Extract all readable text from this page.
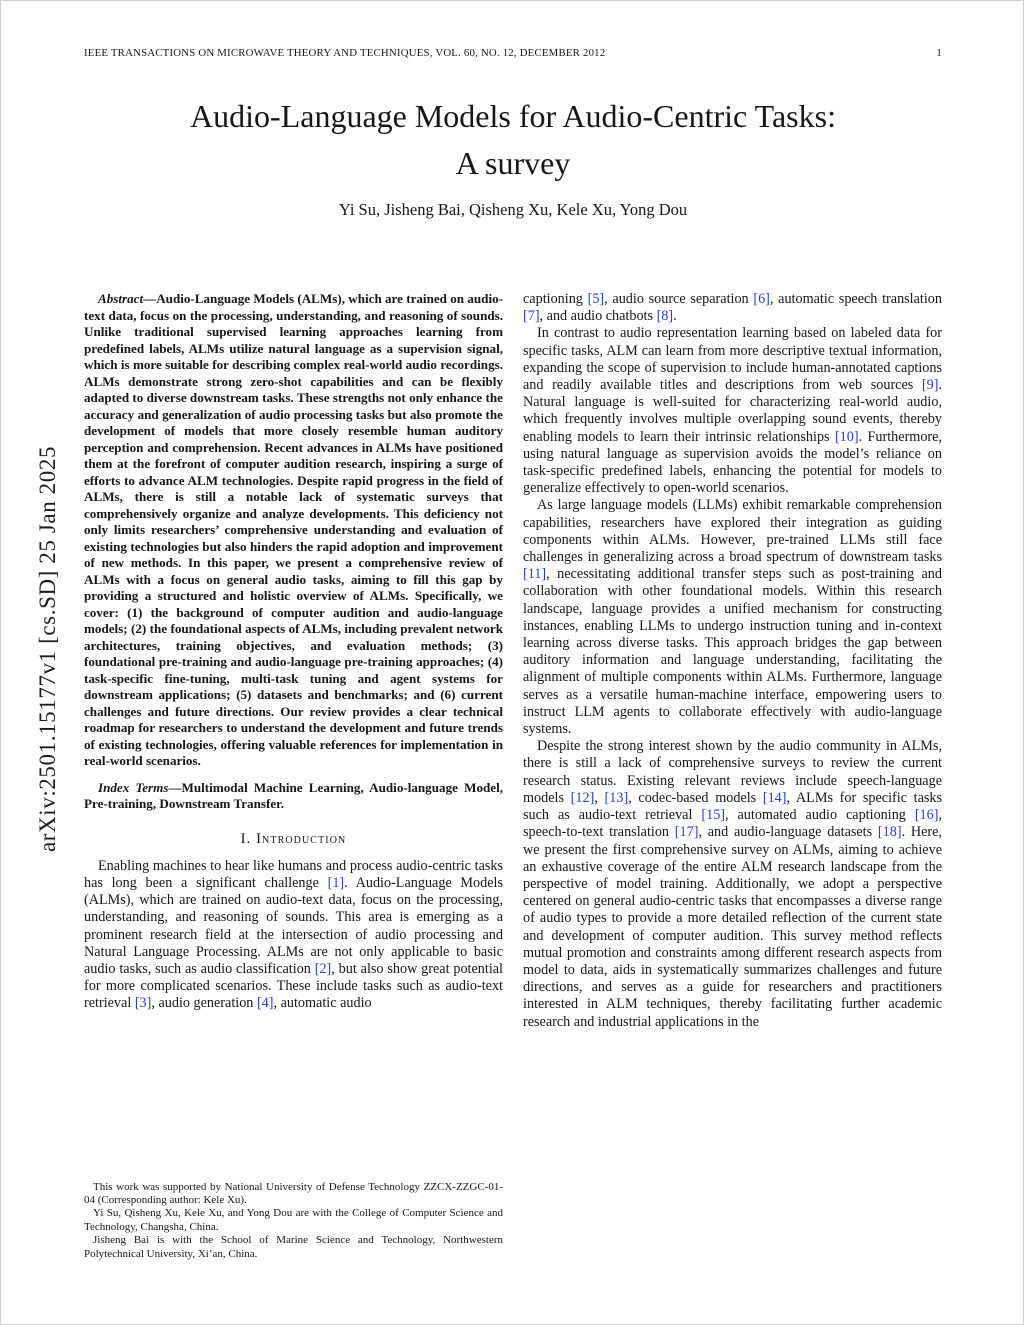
IEEE TRANSACTIONS ON MICROWAVE THEORY AND TECHNIQUES, VOL. 60, NO. 12, DECEMBER 2012	1
arXiv:2501.15177v1 [cs.SD] 25 Jan 2025
Audio-Language Models for Audio-Centric Tasks:
A survey
Yi Su, Jisheng Bai, Qisheng Xu, Kele Xu, Yong Dou

Abstract—Audio-Language Models (ALMs), which are trained on audio-text data, focus on the processing, understanding, and reasoning of sounds. Unlike traditional supervised learning approaches learning from predefined labels, ALMs utilize natural language as a supervision signal, which is more suitable for describing complex real-world audio recordings. ALMs demonstrate strong zero-shot capabilities and can be flexibly adapted to diverse downstream tasks. These strengths not only enhance the accuracy and generalization of audio processing tasks but also promote the development of models that more closely resemble human auditory perception and comprehension. Recent advances in ALMs have positioned them at the forefront of computer audition research, inspiring a surge of efforts to advance ALM technologies. Despite rapid progress in the field of ALMs, there is still a notable lack of systematic surveys that comprehensively organize and analyze developments. This deficiency not only limits researchers’ comprehensive understanding and evaluation of existing technologies but also hinders the rapid adoption and improvement of new methods. In this paper, we present a comprehensive review of ALMs with a focus on general audio tasks, aiming to fill this gap by providing a structured and holistic overview of ALMs. Specifically, we cover: (1) the background of computer audition and audio-language models; (2) the foundational aspects of ALMs, including prevalent network architectures, training objectives, and evaluation methods; (3) foundational pre-training and audio-language pre-training approaches; (4) task-specific fine-tuning, multi-task tuning and agent systems for downstream applications; (5) datasets and benchmarks; and (6) current challenges and future directions. Our review provides a clear technical roadmap for researchers to understand the development and future trends of existing technologies, offering valuable references for implementation in real-world scenarios.

Index Terms—Multimodal Machine Learning, Audio-language Model, Pre-training, Downstream Transfer.

I. Introduction

Enabling machines to hear like humans and process audio-centric tasks has long been a significant challenge [1]. Audio-Language Models (ALMs), which are trained on audio-text data, focus on the processing, understanding, and reasoning of sounds. This area is emerging as a prominent research field at the intersection of audio processing and Natural Language Processing. ALMs are not only applicable to basic audio tasks, such as audio classification [2], but also show great potential for more complicated scenarios. These include tasks such as audio-text retrieval [3], audio generation [4], automatic audio

This work was supported by National University of Defense Technology ZZCX-ZZGC-01-04 (Corresponding author: Kele Xu).

Yi Su, Qisheng Xu, Kele Xu, and Yong Dou are with the College of Computer Science and Technology, Changsha, China.

Jisheng Bai is with the School of Marine Science and Technology, Northwestern Polytechnical University, Xi’an, China.

captioning [5], audio source separation [6], automatic speech translation [7], and audio chatbots [8].

In contrast to audio representation learning based on labeled data for specific tasks, ALM can learn from more descriptive textual information, expanding the scope of supervision to include human-annotated captions and readily available titles and descriptions from web sources [9]. Natural language is well-suited for characterizing real-world audio, which frequently involves multiple overlapping sound events, thereby enabling models to learn their intrinsic relationships [10]. Furthermore, using natural language as supervision avoids the model’s reliance on task-specific predefined labels, enhancing the potential for models to generalize effectively to open-world scenarios.

As large language models (LLMs) exhibit remarkable comprehension capabilities, researchers have explored their integration as guiding components within ALMs. However, pre-trained LLMs still face challenges in generalizing across a broad spectrum of downstream tasks [11], necessitating additional transfer steps such as post-training and collaboration with other foundational models. Within this research landscape, language provides a unified mechanism for constructing instances, enabling LLMs to undergo instruction tuning and in-context learning across diverse tasks. This approach bridges the gap between auditory information and language understanding, facilitating the alignment of multiple components within ALMs. Furthermore, language serves as a versatile human-machine interface, empowering users to instruct LLM agents to collaborate effectively with audio-language systems.

Despite the strong interest shown by the audio community in ALMs, there is still a lack of comprehensive surveys to review the current research status. Existing relevant reviews include speech-language models [12], [13], codec-based models [14], ALMs for specific tasks such as audio-text retrieval [15], automated audio captioning [16], speech-to-text translation [17], and audio-language datasets [18]. Here, we present the first comprehensive survey on ALMs, aiming to achieve an exhaustive coverage of the entire ALM research landscape from the perspective of model training. Additionally, we adopt a perspective centered on general audio-centric tasks that encompasses a diverse range of audio types to provide a more detailed reflection of the current state and development of computer audition. This survey method reflects mutual promotion and constraints among different research aspects from model to data, aids in systematically summarizes challenges and future directions, and serves as a guide for researchers and practitioners interested in ALM techniques, thereby facilitating further academic research and industrial applications in the
